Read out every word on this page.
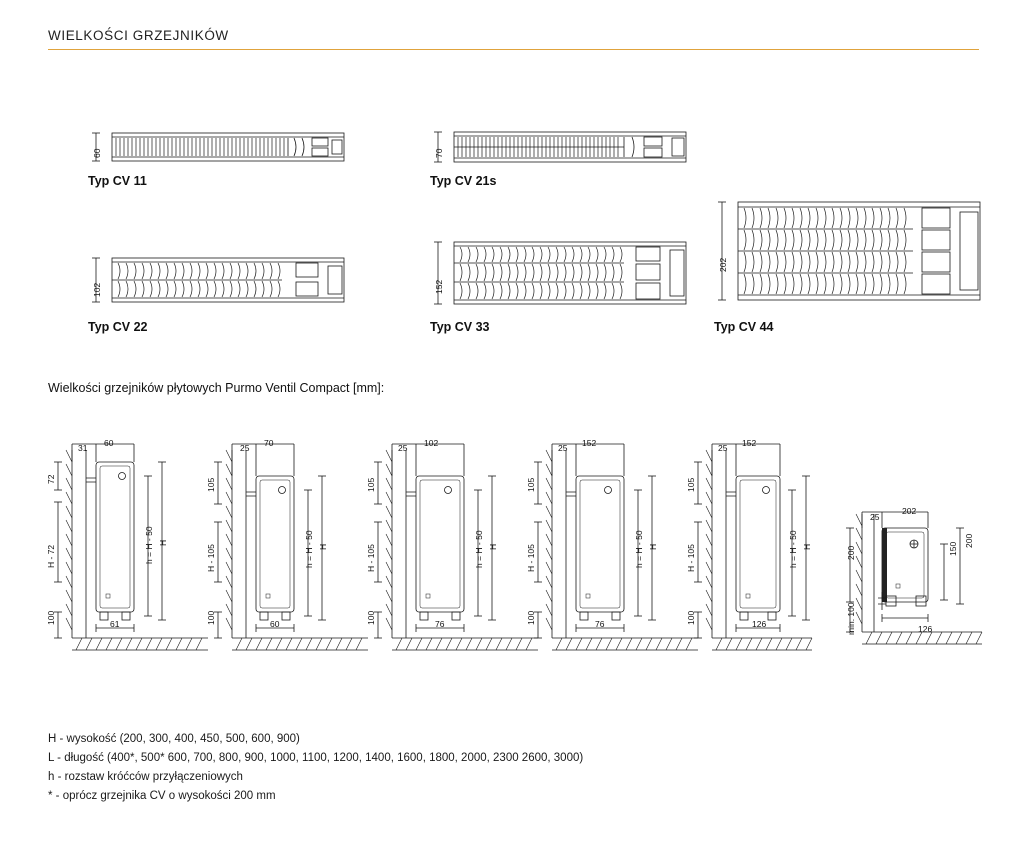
WIELKOŚCI GRZEJNIKÓW
60
Typ CV 11
70
Typ CV 21s
102
Typ CV 22
152
Typ CV 33
202
Typ CV 44
Wielkości grzejników płytowych Purmo Ventil Compact [mm]:
31 60
72
H - 72
100
h = H - 50 H
61
25 70
105
H - 105
100
h = H - 50 H
60
25 102
105
H - 105
100
h = H - 50 H
76
25 152
105
H - 105
100
h = H - 50 H
76
25 152
105
H - 105
100
h = H - 50 H
126
25
202
200
min. 100
150
200
126
H - wysokość (200, 300, 400, 450, 500, 600, 900)
L - długość (400*, 500* 600, 700, 800, 900, 1000, 1100, 1200, 1400, 1600, 1800, 2000, 2300 2600, 3000)
h - rozstaw króćców przyłączeniowych
* - oprócz grzejnika CV o wysokości 200 mm
